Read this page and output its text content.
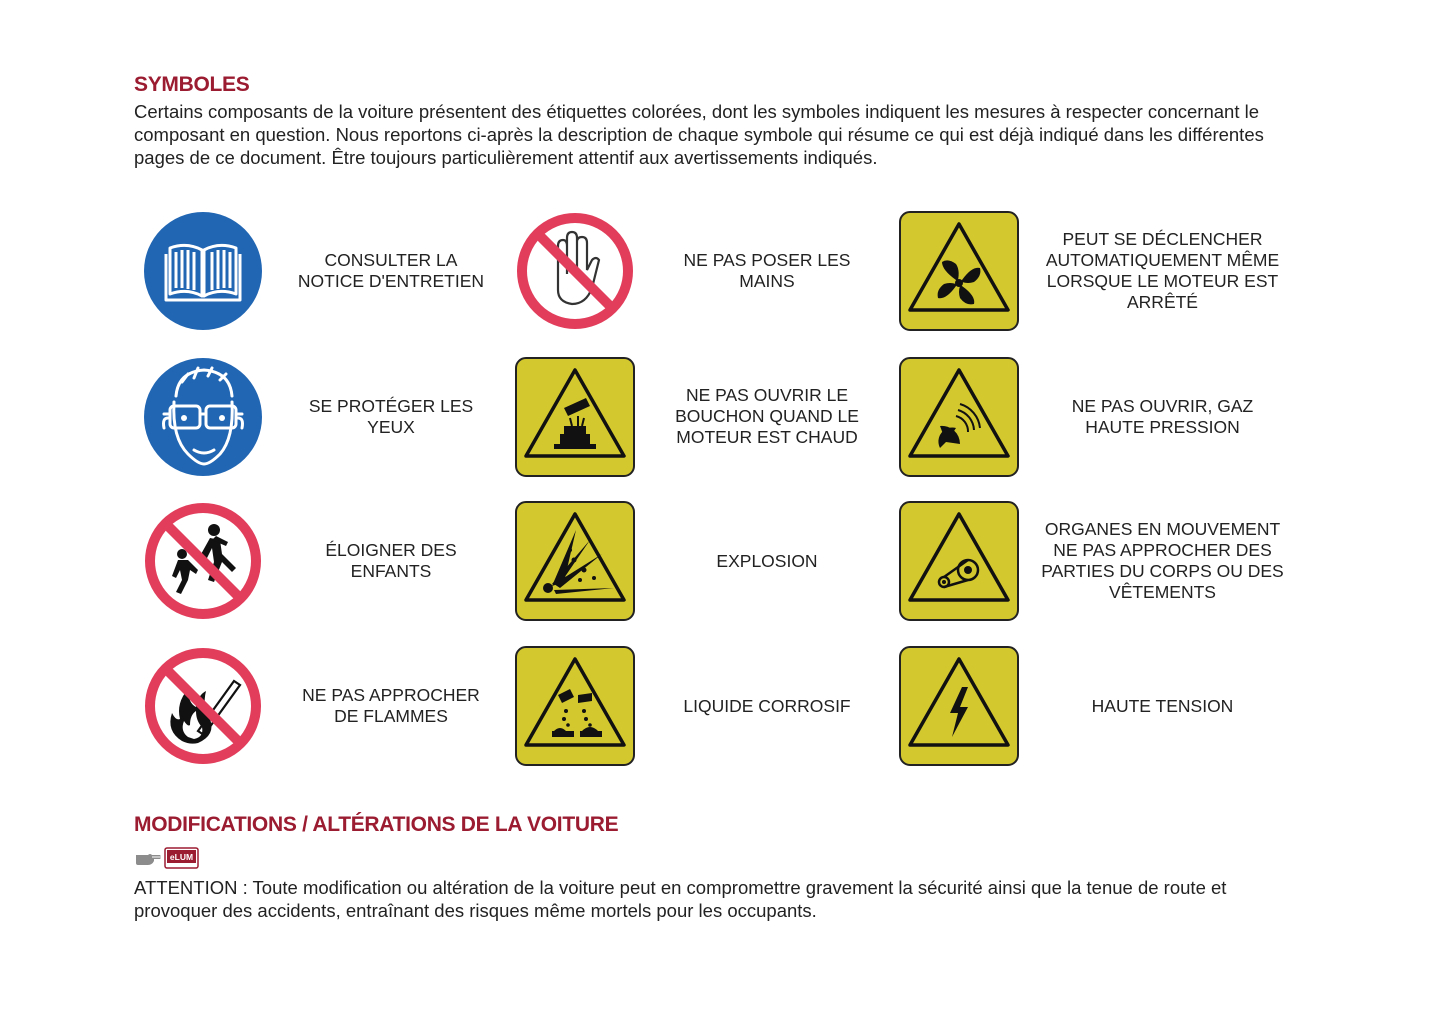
SYMBOLES

Certains composants de la voiture présentent des étiquettes colorées, dont les symboles indiquent les mesures à respecter concernant le composant en question. Nous reportons ci-après la description de chaque symbole qui résume ce qui est déjà indiqué dans les différentes pages de ce document. Être toujours particulièrement attentif aux avertissements indiqués.

CONSULTER LA NOTICE D'ENTRETIEN
NE PAS POSER LES MAINS
PEUT SE DÉCLENCHER AUTOMATIQUEMENT MÊME LORSQUE LE MOTEUR EST ARRÊTÉ
SE PROTÉGER LES YEUX
NE PAS OUVRIR LE BOUCHON QUAND LE MOTEUR EST CHAUD
NE PAS OUVRIR, GAZ HAUTE PRESSION
ÉLOIGNER DES ENFANTS
EXPLOSION
ORGANES EN MOUVEMENT NE PAS APPROCHER DES PARTIES DU CORPS OU DES VÊTEMENTS
NE PAS APPROCHER DE FLAMMES
LIQUIDE CORROSIF	HAUTE TENSION
MODIFICATIONS / ALTÉRATIONS DE LA VOITURE
eLUM

ATTENTION : Toute modification ou altération de la voiture peut en compromettre gravement la sécurité ainsi que la tenue de route et provoquer des accidents, entraînant des risques même mortels pour les occupants.
